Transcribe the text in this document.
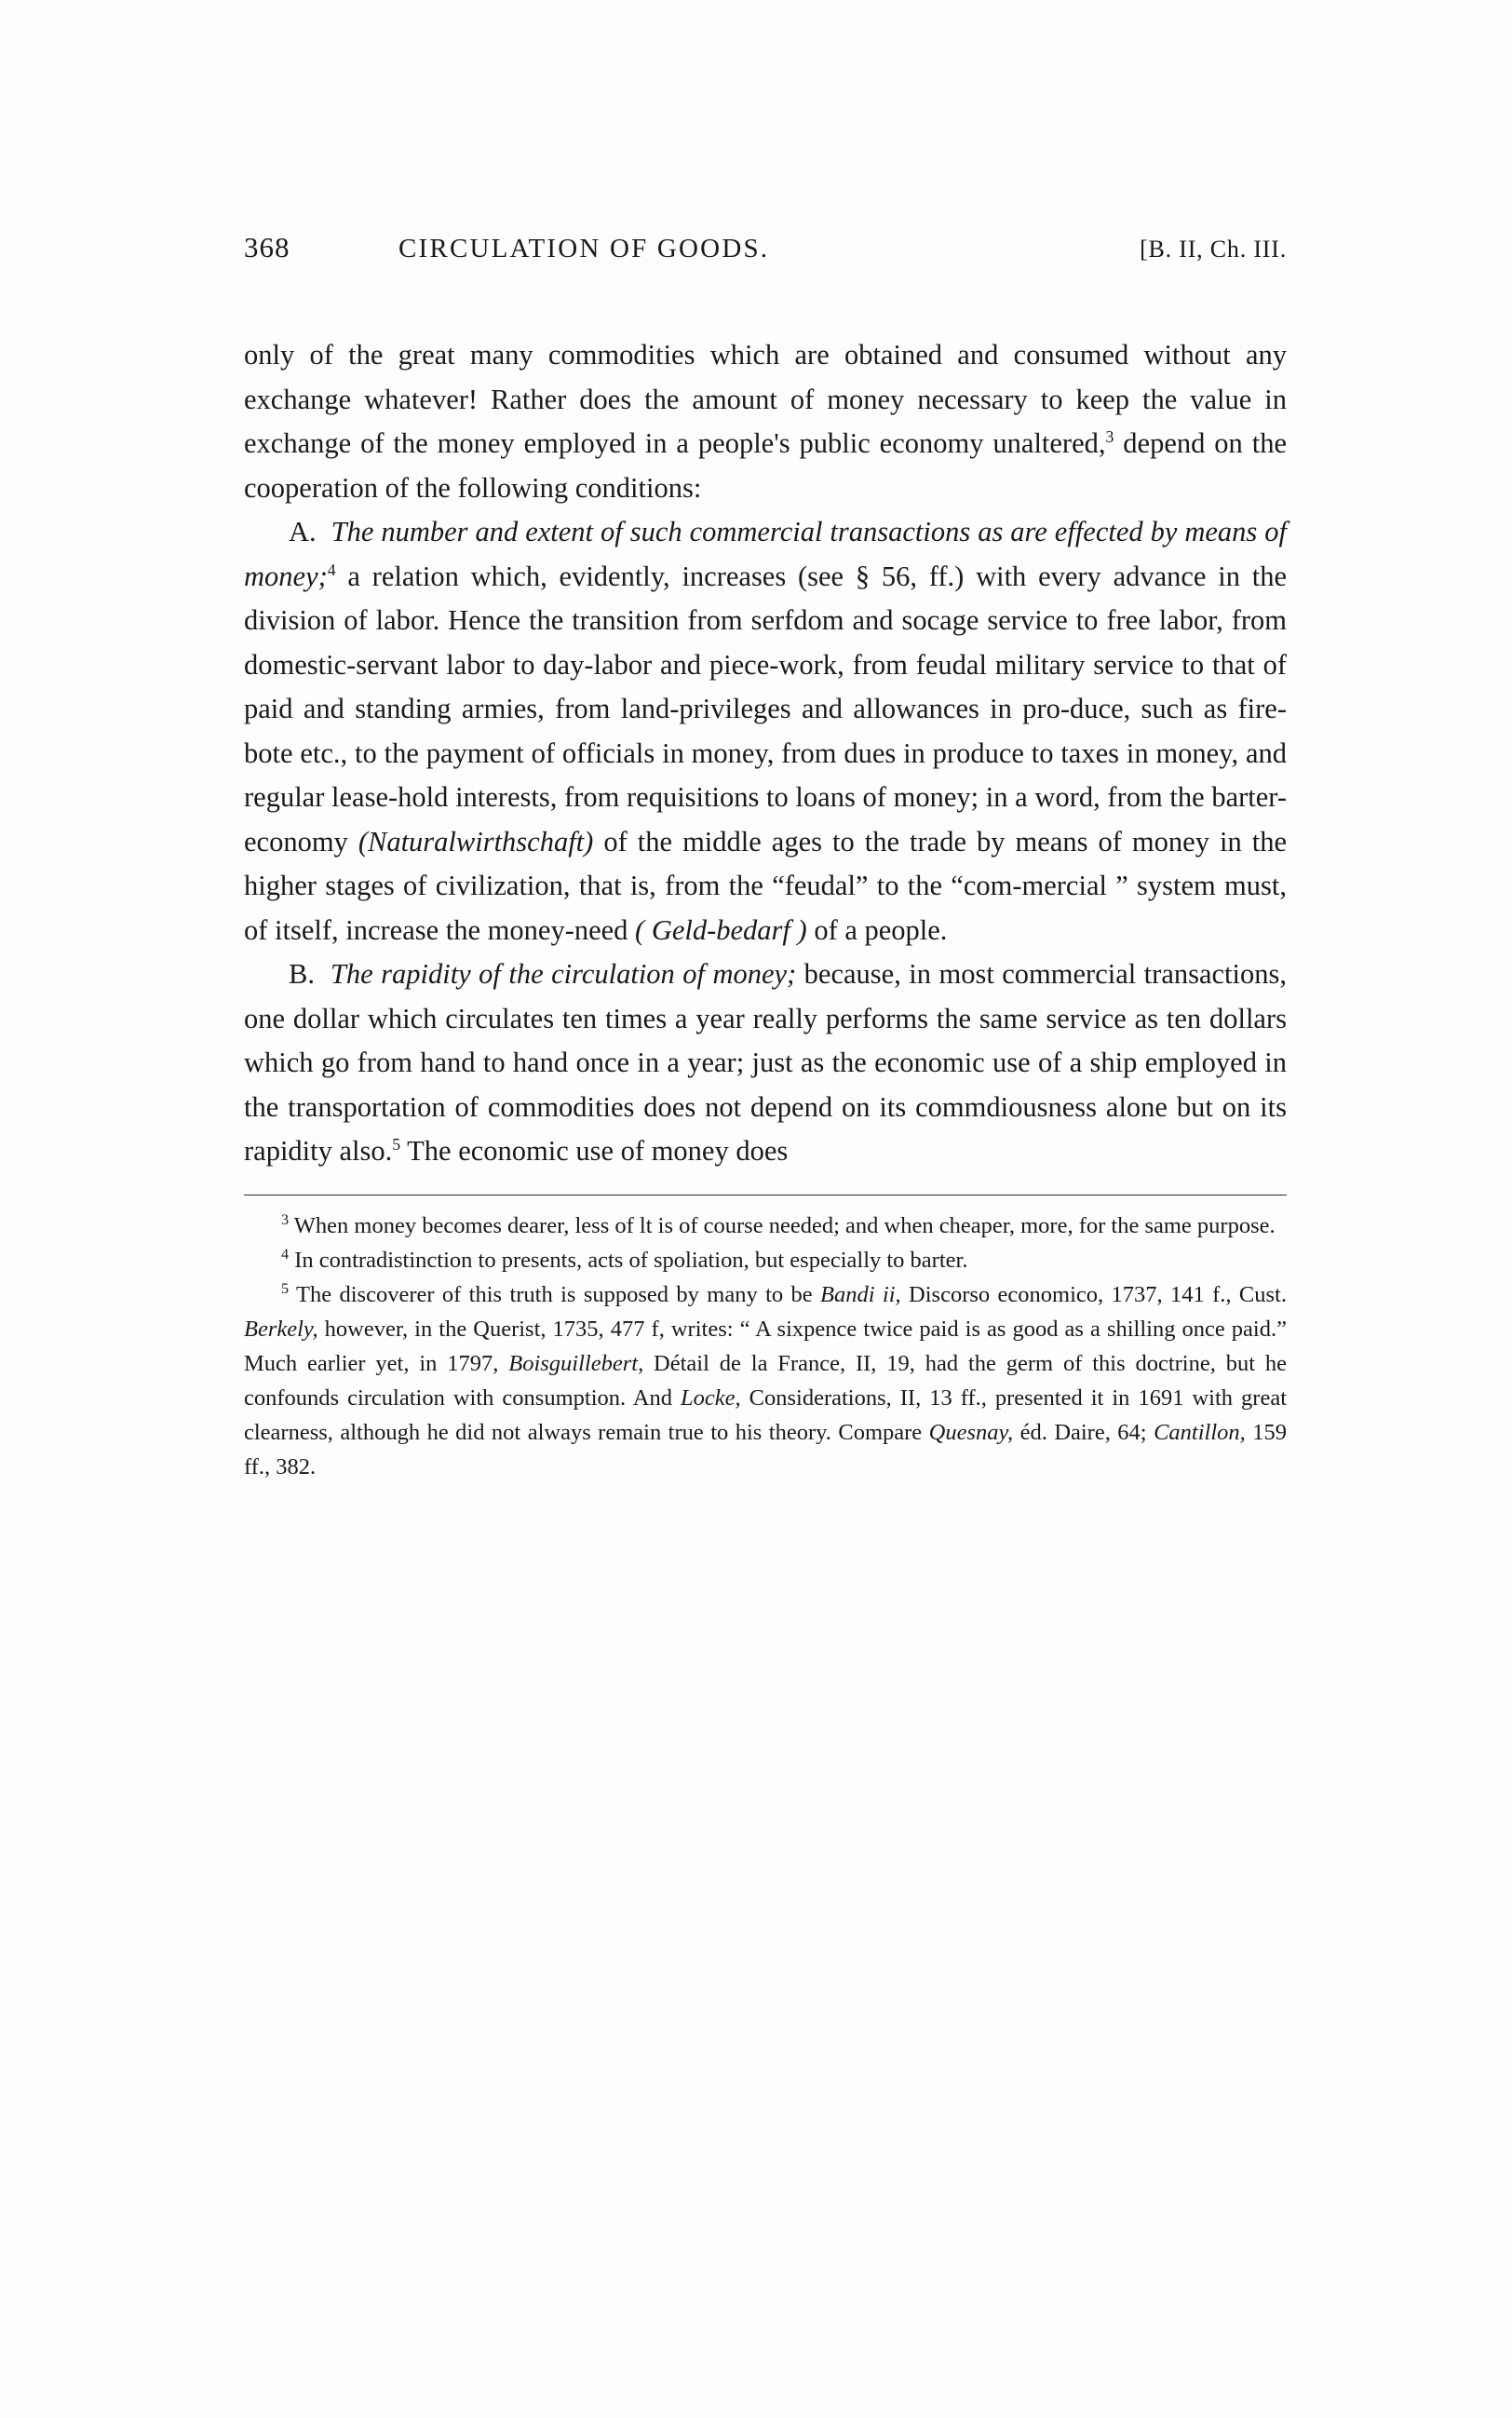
368	CIRCULATION OF GOODS.	[B. II, Ch. III.

only of the great many commodities which are obtained and consumed without any exchange whatever! Rather does the amount of money necessary to keep the value in exchange of the money employed in a people's public economy unaltered,$^3$ depend on the cooperation of the following conditions:

A. The number and extent of such commercial transactions as are effected by means of money;$^4$ a relation which, evidently, increases (see § 56, ff.) with every advance in the division of labor. Hence the transition from serfdom and socage service to free labor, from domestic-servant labor to day-labor and piece-work, from feudal military service to that of paid and standing armies, from land-privileges and allowances in pro-duce, such as fire-bote etc., to the payment of officials in money, from dues in produce to taxes in money, and regular lease-hold interests, from requisitions to loans of money; in a word, from the barter-economy (Naturalwirthschaft) of the middle ages to the trade by means of money in the higher stages of civilization, that is, from the “feudal” to the “com-mercial ” system must, of itself, increase the money-need ( Geld-bedarf ) of a people.

B. The rapidity of the circulation of money; because, in most commercial transactions, one dollar which circulates ten times a year really performs the same service as ten dollars which go from hand to hand once in a year; just as the economic use of a ship employed in the transportation of commodities does not depend on its commdiousness alone but on its rapidity also.$^5$ The economic use of money does

$^3$ When money becomes dearer, less of lt is of course needed; and when cheaper, more, for the same purpose.

$^4$ In contradistinction to presents, acts of spoliation, but especially to barter.

$^5$ The discoverer of this truth is supposed by many to be Bandi ii, Discorso economico, 1737, 141 f., Cust. Berkely, however, in the Querist, 1735, 477 f, writes: “ A sixpence twice paid is as good as a shilling once paid.” Much earlier yet, in 1797, Boisguillebert, Détail de la France, II, 19, had the germ of this doctrine, but he confounds circulation with consumption. And Locke, Considerations, II, 13 ff., presented it in 1691 with great clearness, although he did not always remain true to his theory. Compare Quesnay, éd. Daire, 64; Cantillon, 159 ff., 382.
